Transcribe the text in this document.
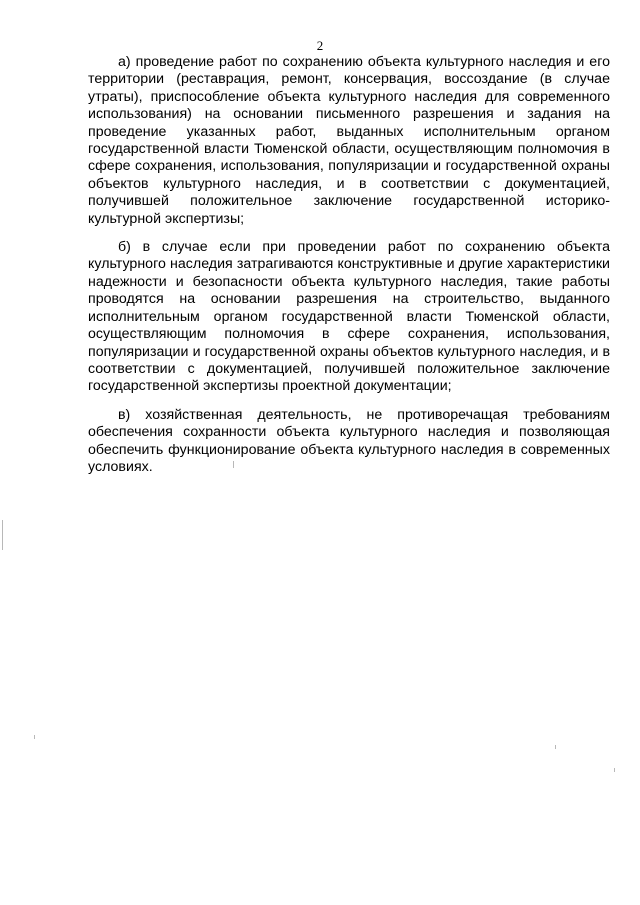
2

а) проведение работ по сохранению объекта культурного наследия и его территории (реставрация, ремонт, консервация, воссоздание (в случае утраты), приспособление объекта культурного наследия для современного использования) на основании письменного разрешения и задания на проведение указанных работ, выданных исполнительным органом государственной власти Тюменской области, осуществляющим полномочия в сфере сохранения, использования, популяризации и государственной охраны объектов культурного наследия, и в соответствии с документацией, получившей положительное заключение государственной историко-культурной экспертизы;

б) в случае если при проведении работ по сохранению объекта культурного наследия затрагиваются конструктивные и другие характеристики надежности и безопасности объекта культурного наследия, такие работы проводятся на основании разрешения на строительство, выданного исполнительным органом государственной власти Тюменской области, осуществляющим полномочия в сфере сохранения, использования, популяризации и государственной охраны объектов культурного наследия, и в соответствии с документацией, получившей положительное заключение государственной экспертизы проектной документации;

в) хозяйственная деятельность, не противоречащая требованиям обеспечения сохранности объекта культурного наследия и позволяющая обеспечить функционирование объекта культурного наследия в современных условиях.
